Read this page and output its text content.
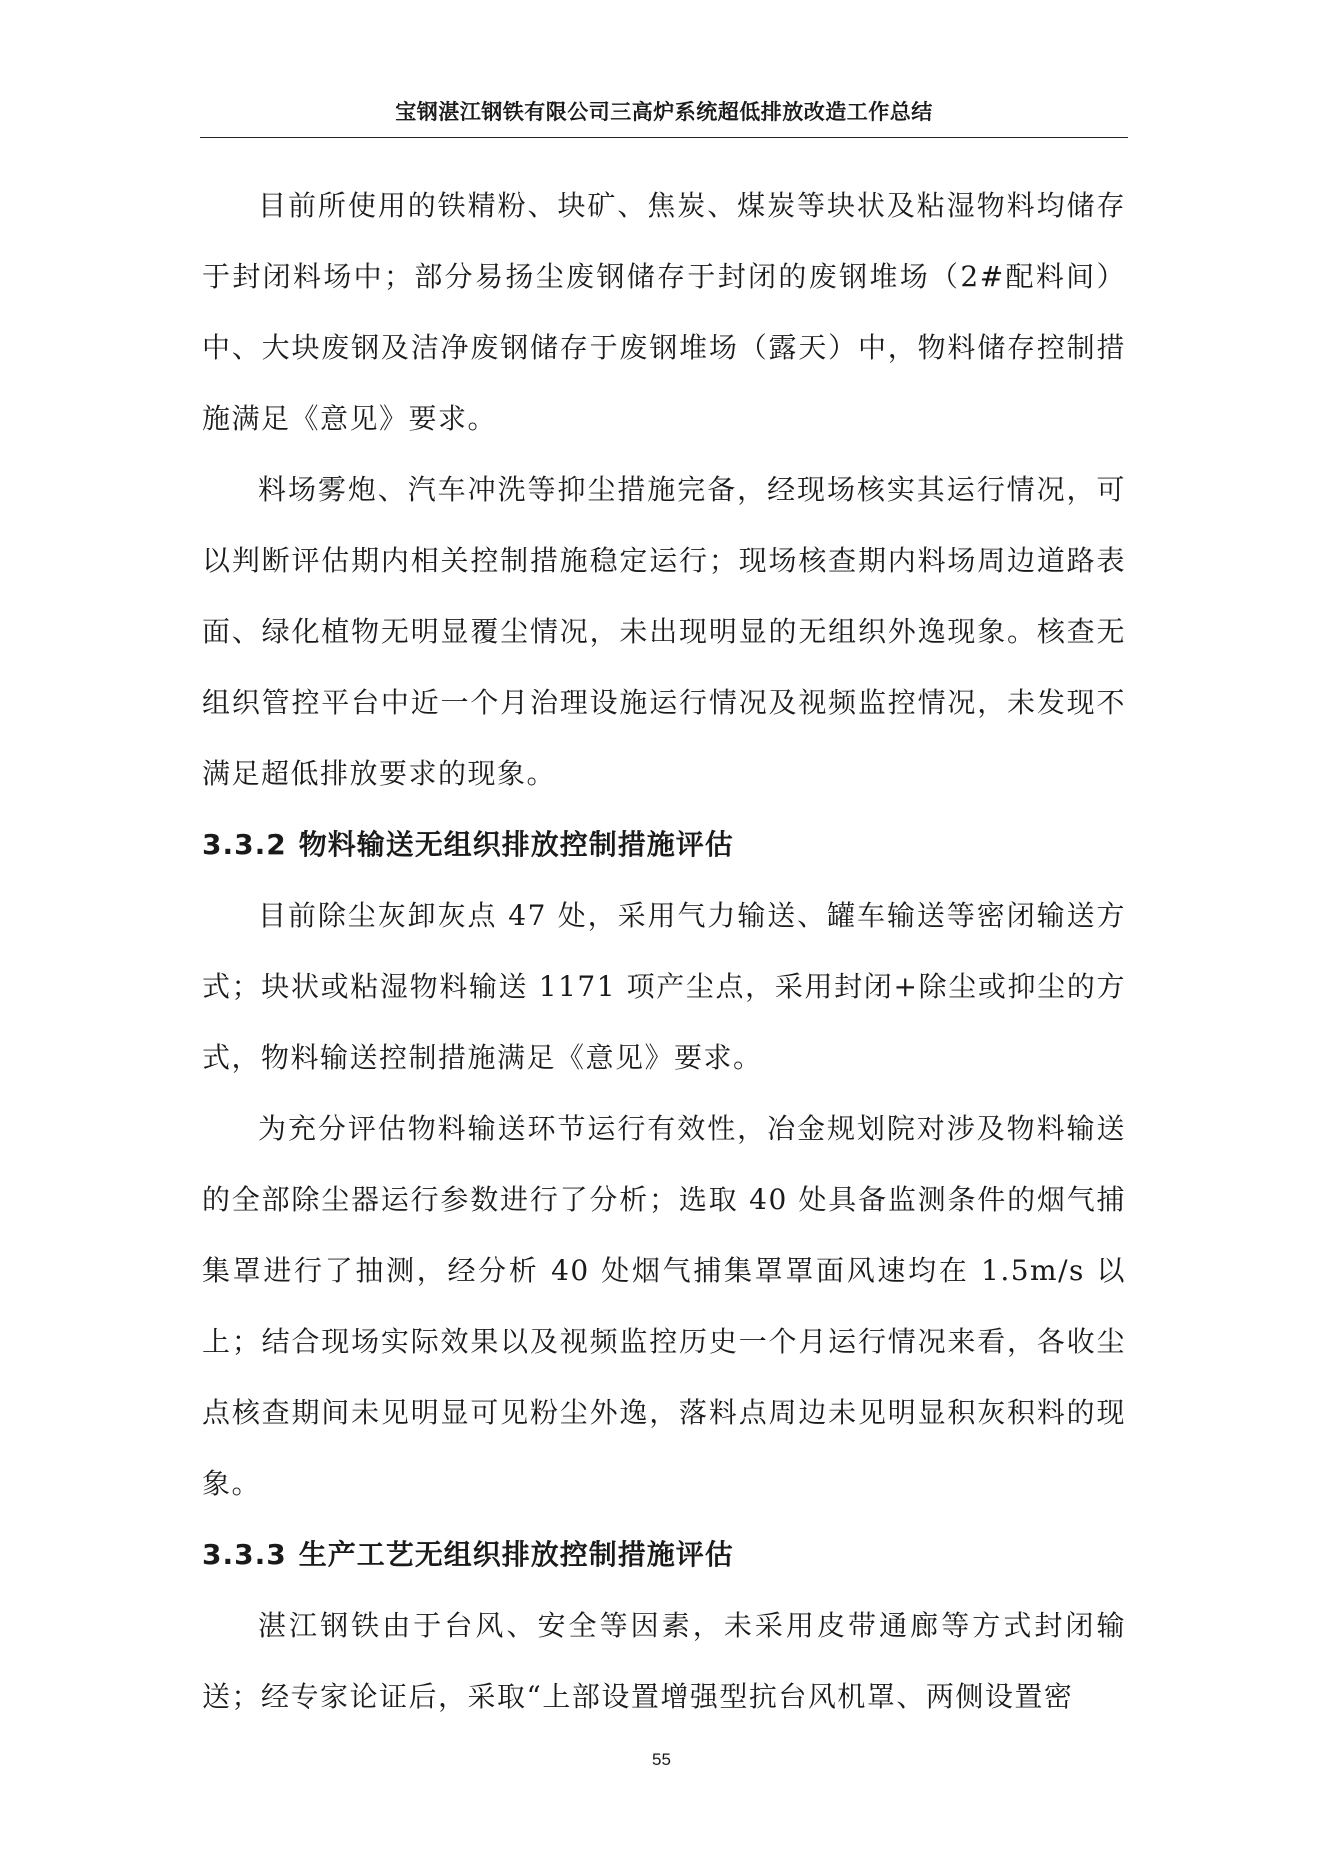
宝钢湛江钢铁有限公司三高炉系统超低排放改造工作总结

目前所使用的铁精粉、块矿、焦炭、煤炭等块状及粘湿物料均储存于封闭料场中；部分易扬尘废钢储存于封闭的废钢堆场（2#配料间）中、大块废钢及洁净废钢储存于废钢堆场（露天）中，物料储存控制措施满足《意见》要求。

料场雾炮、汽车冲洗等抑尘措施完备，经现场核实其运行情况，可以判断评估期内相关控制措施稳定运行；现场核查期内料场周边道路表面、绿化植物无明显覆尘情况，未出现明显的无组织外逸现象。核查无组织管控平台中近一个月治理设施运行情况及视频监控情况，未发现不满足超低排放要求的现象。

3.3.2 物料输送无组织排放控制措施评估

目前除尘灰卸灰点 47 处，采用气力输送、罐车输送等密闭输送方式；块状或粘湿物料输送 1171 项产尘点，采用封闭+除尘或抑尘的方式，物料输送控制措施满足《意见》要求。

为充分评估物料输送环节运行有效性，冶金规划院对涉及物料输送的全部除尘器运行参数进行了分析；选取 40 处具备监测条件的烟气捕集罩进行了抽测，经分析 40 处烟气捕集罩罩面风速均在 1.5m/s 以上；结合现场实际效果以及视频监控历史一个月运行情况来看，各收尘点核查期间未见明显可见粉尘外逸，落料点周边未见明显积灰积料的现象。

3.3.3 生产工艺无组织排放控制措施评估

湛江钢铁由于台风、安全等因素，未采用皮带通廊等方式封闭输送；经专家论证后，采取“上部设置增强型抗台风机罩、两侧设置密

55
